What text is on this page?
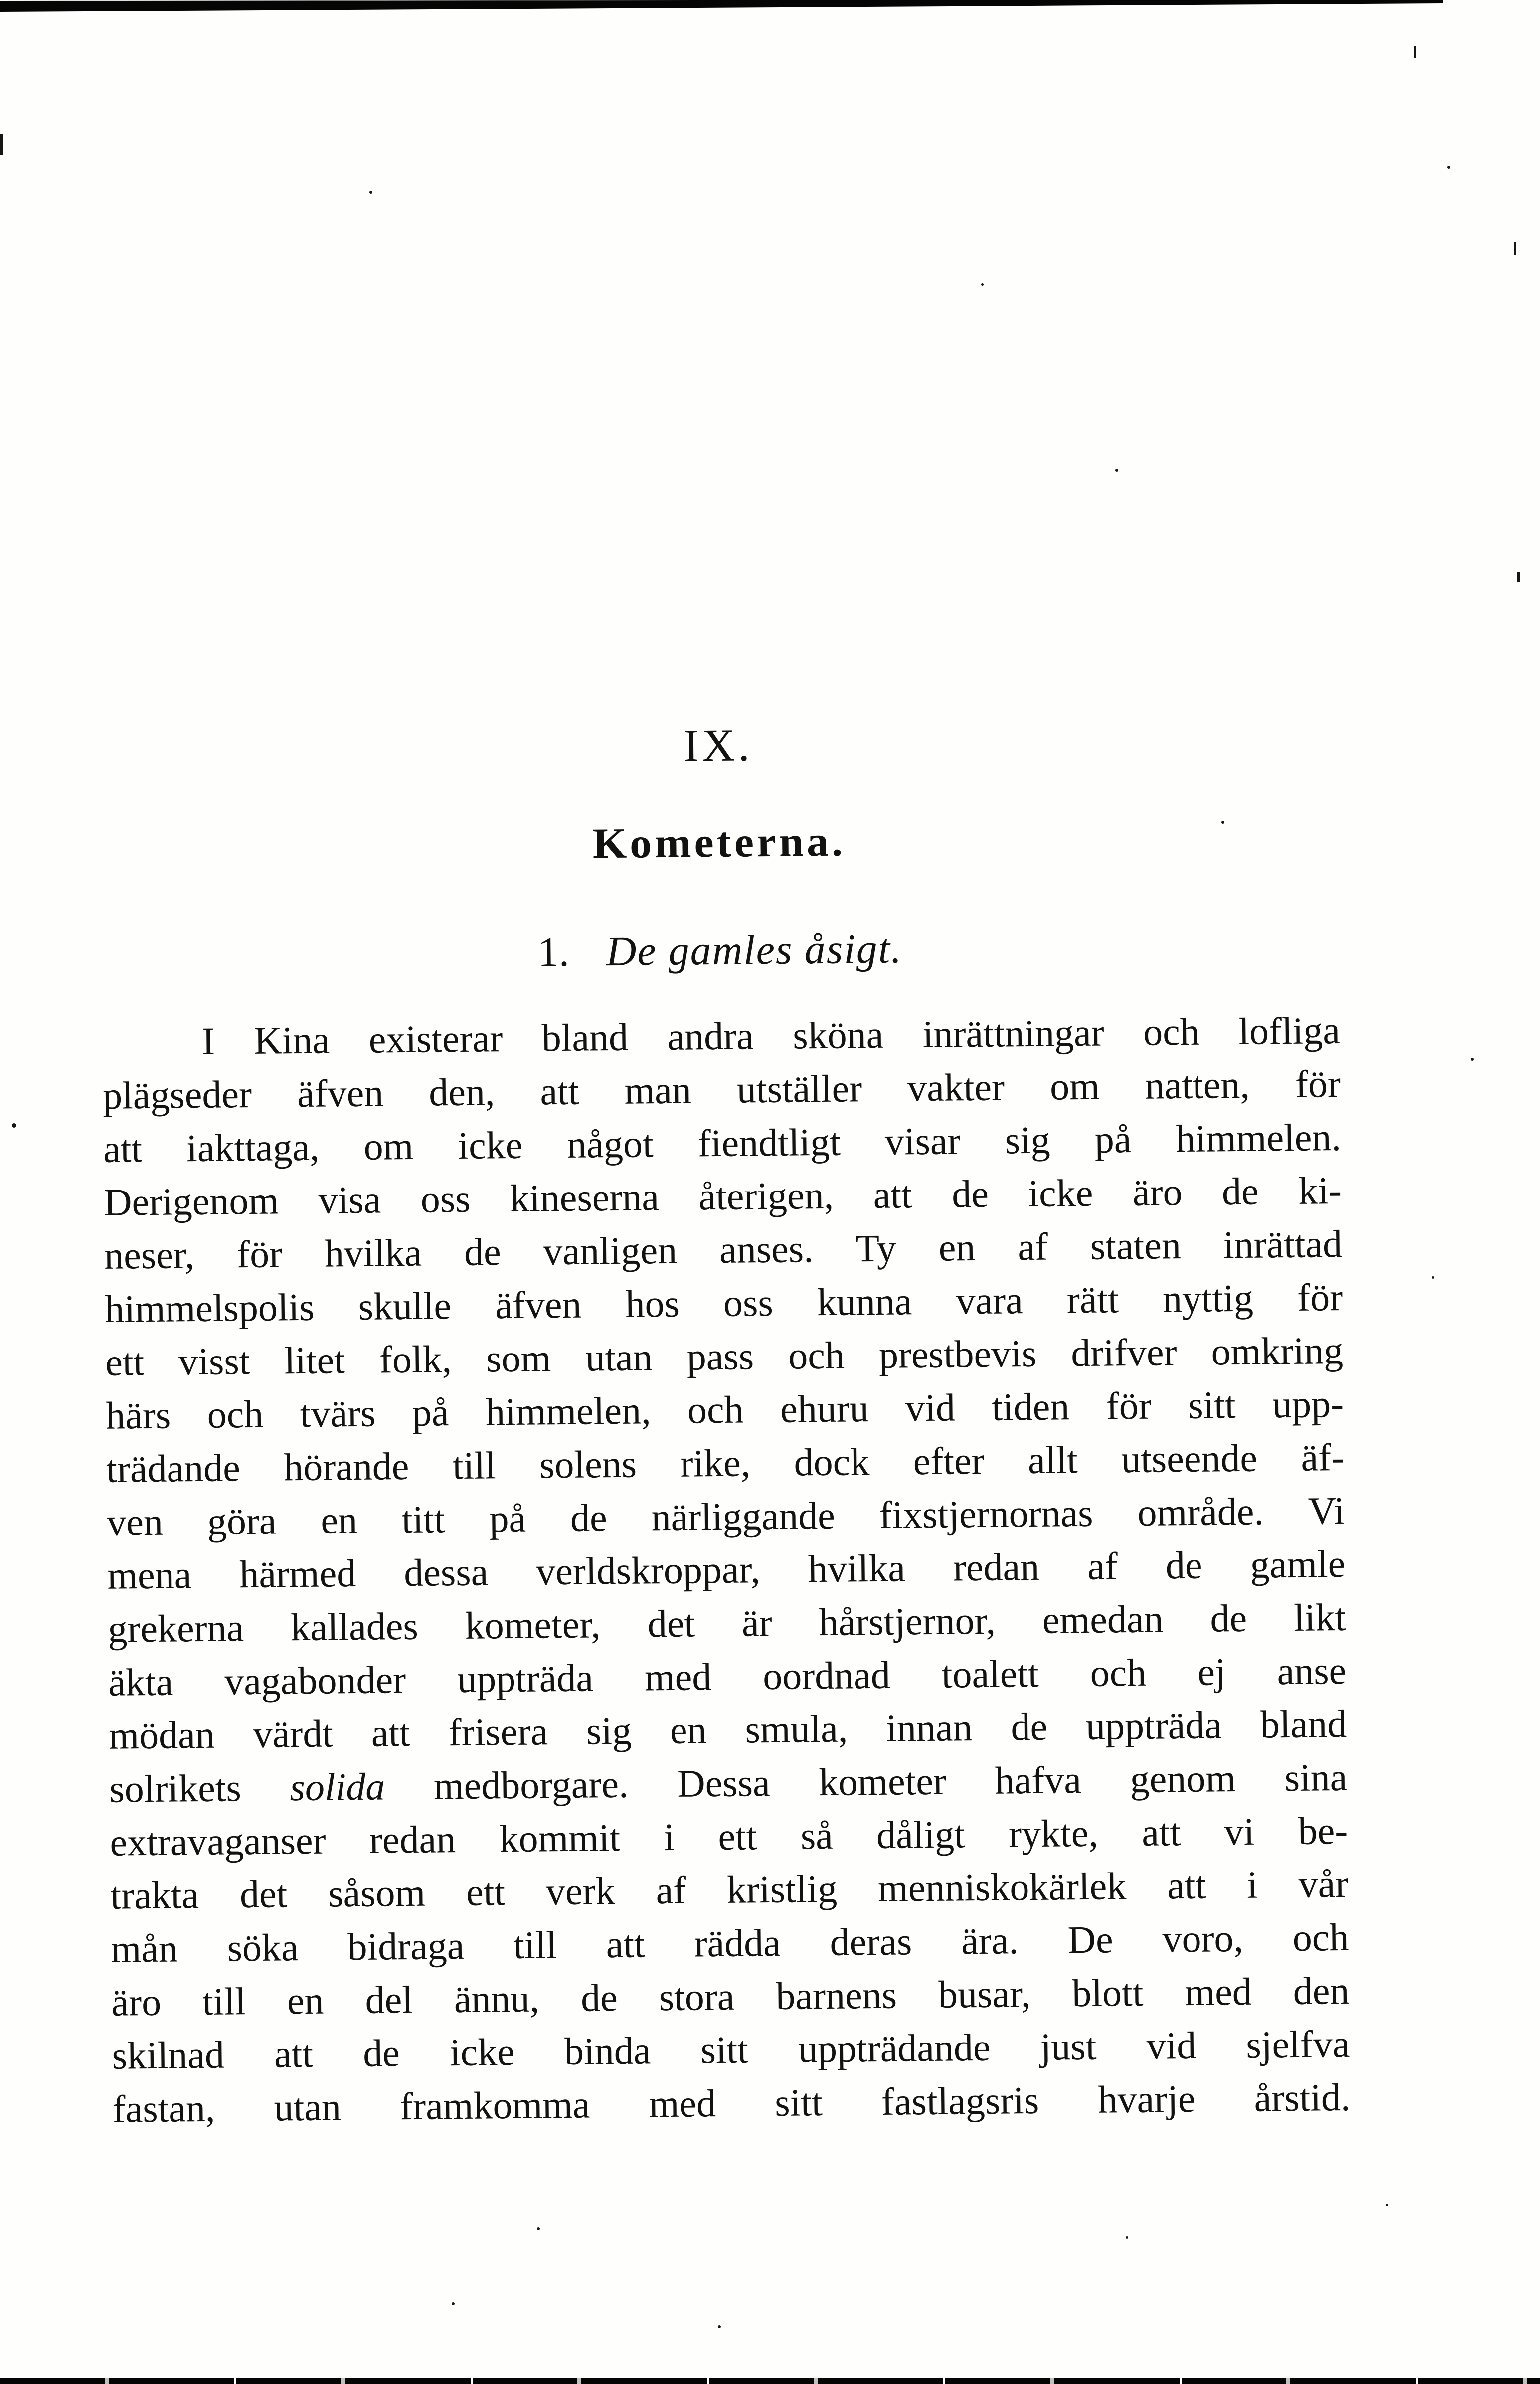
IX.
Kometerna.
1. De gamles åsigt.
I Kina existerar bland andra sköna inrättningar och lofliga
plägseder äfven den, att man utställer vakter om natten, för
att iakttaga, om icke något fiendtligt visar sig på himmelen.
Derigenom visa oss kineserna återigen, att de icke äro de ki-
neser, för hvilka de vanligen anses. Ty en af staten inrättad
himmelspolis skulle äfven hos oss kunna vara rätt nyttig för
ett visst litet folk, som utan pass och prestbevis drifver omkring
härs och tvärs på himmelen, och ehuru vid tiden för sitt upp-
trädande hörande till solens rike, dock efter allt utseende äf-
ven göra en titt på de närliggande fixstjernornas område. Vi
mena härmed dessa verldskroppar, hvilka redan af de gamle
grekerna kallades kometer, det är hårstjernor, emedan de likt
äkta vagabonder uppträda med oordnad toalett och ej anse
mödan värdt att frisera sig en smula, innan de uppträda bland
solrikets solida medborgare. Dessa kometer hafva genom sina
extravaganser redan kommit i ett så dåligt rykte, att vi be-
trakta det såsom ett verk af kristlig menniskokärlek att i vår
mån söka bidraga till att rädda deras ära. De voro, och
äro till en del ännu, de stora barnens busar, blott med den
skilnad att de icke binda sitt uppträdande just vid sjelfva
fastan, utan framkomma med sitt fastlagsris hvarje årstid.
